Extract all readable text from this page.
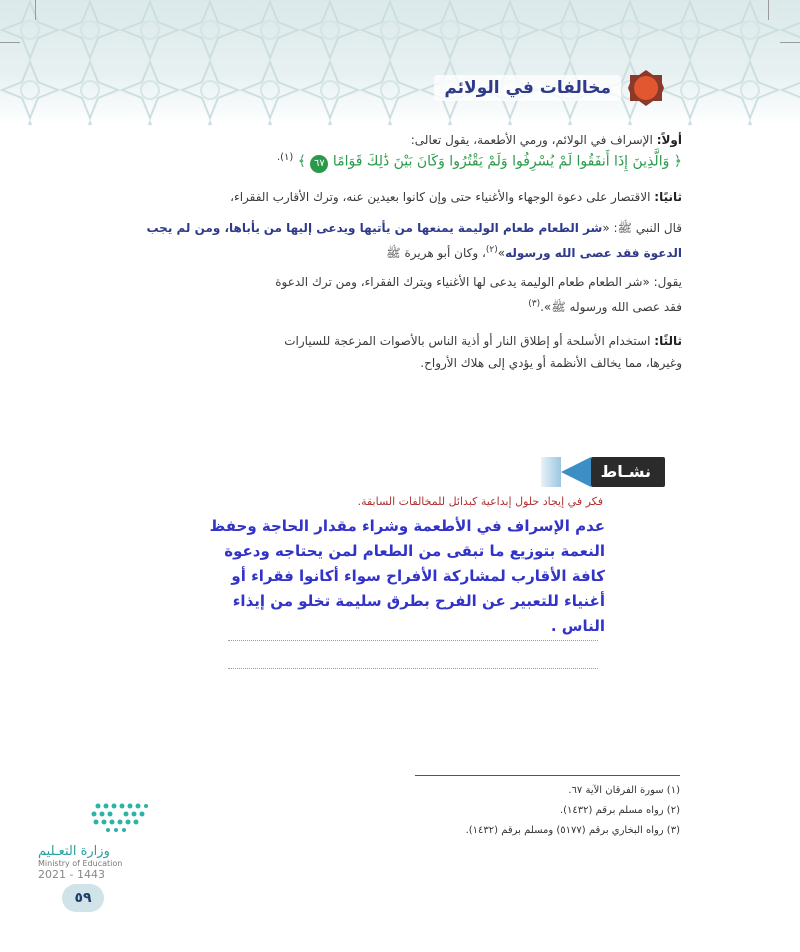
مخالفات في الولائم
أولاً: الإسراف في الولائم، ورمي الأطعمة، يقول تعالى:
﴿ وَالَّذِينَ إِذَا أَنفَقُوا لَمْ يُسْرِفُوا وَلَمْ يَقْتُرُوا وَكَانَ بَيْنَ ذَٰلِكَ قَوَامًا ٦٧ ﴾ $^{(١).}$
ثانيًا: الاقتصار على دعوة الوجهاء والأغنياء حتى وإن كانوا بعيدين عنه، وترك الأقارب الفقراء،
قال النبي ﷺ: «شر الطعام طعام الوليمة يمنعها من يأتيها ويدعى إليها من يأباها، ومن لم يجب الدعوة فقد عصى الله ورسوله»$^{(٢)}$، وكان أبو هريرة ﷺ
يقول: «شر الطعام طعام الوليمة يدعى لها الأغنياء ويترك الفقراء، ومن ترك الدعوة
فقد عصى الله ورسوله ﷺ».$^{(٣)}$
ثالثًا: استخدام الأسلحة أو إطلاق النار أو أذية الناس بالأصوات المزعجة للسيارات
وغيرها، مما يخالف الأنظمة أو يؤدي إلى هلاك الأرواح.
نشـاط
فكر في إيجاد حلول إبداعية كبدائل للمخالفات السابقة.
عدم الإسراف في الأطعمة وشراء مقدار الحاجة وحفظ
النعمة بتوزيع ما تبقى من الطعام لمن يحتاجه ودعوة
كافة الأقارب لمشاركة الأفراح سواء أكانوا فقراء أو
أغنياء للتعبير عن الفرح بطرق سليمة تخلو من إيذاء
الناس .
(١) سورة الفرقان الآية ٦٧.
(٢) رواه مسلم برقم (١٤٣٢).
(٣) رواه البخاري برقم (٥١٧٧) ومسلم برقم (١٤٣٢).
وزارة التعـليم
Ministry of Education
2021 - 1443
٥٩
